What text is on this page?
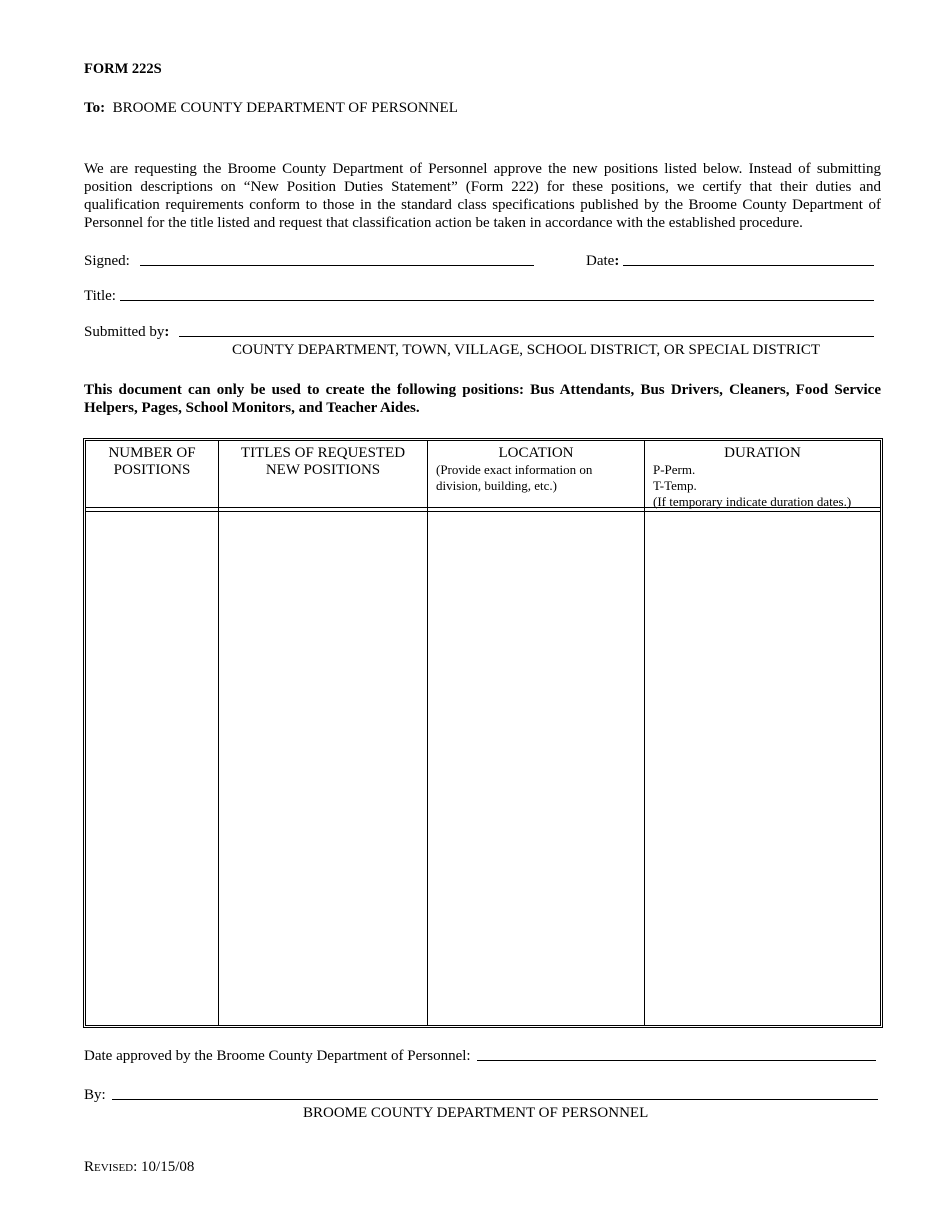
FORM 222S
To: BROOME COUNTY DEPARTMENT OF PERSONNEL
We are requesting the Broome County Department of Personnel approve the new positions listed below. Instead of submitting position descriptions on “New Position Duties Statement” (Form 222) for these positions, we certify that their duties and qualification requirements conform to those in the standard class specifications published by the Broome County Department of Personnel for the title listed and request that classification action be taken in accordance with the established procedure.
Signed:	Date:
Title:
Submitted by:
COUNTY DEPARTMENT, TOWN, VILLAGE, SCHOOL DISTRICT, OR SPECIAL DISTRICT
This document can only be used to create the following positions: Bus Attendants, Bus Drivers, Cleaners, Food Service Helpers, Pages, School Monitors, and Teacher Aides.
NUMBER OF
POSITIONS
TITLES OF REQUESTED
NEW POSITIONS
LOCATION
(Provide exact information on
division, building, etc.)
DURATION
P-Perm.
T-Temp.
(If temporary indicate duration dates.)
Date approved by the Broome County Department of Personnel:
By:
BROOME COUNTY DEPARTMENT OF PERSONNEL
Revised: 10/15/08
